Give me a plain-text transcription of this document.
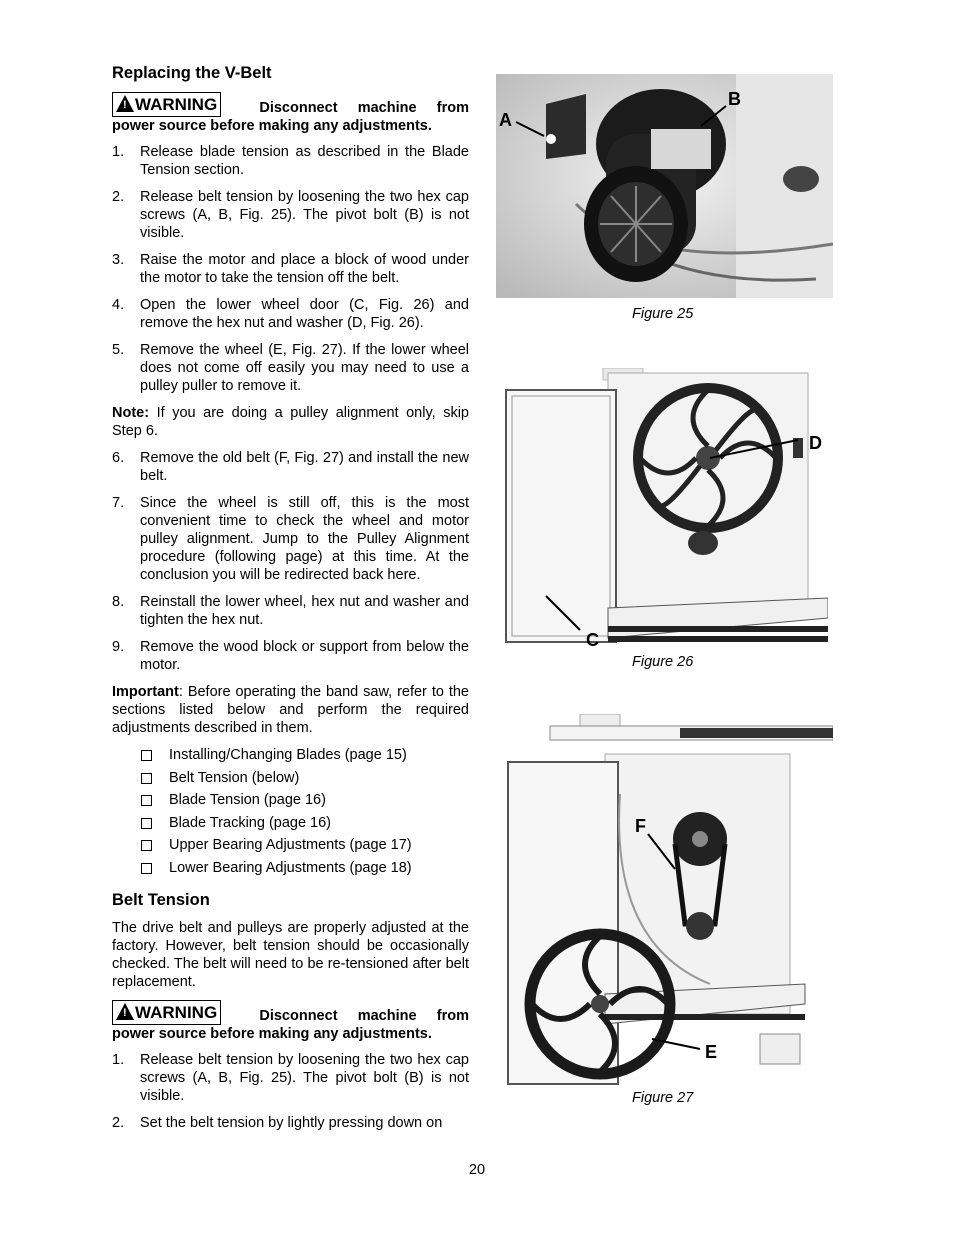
Replacing the V-Belt
! WARNING	Disconnect machine from
power source before making any adjustments.
1.	Release blade tension as described in the Blade Tension section.
2.	Release belt tension by loosening the two hex cap screws (A, B, Fig. 25). The pivot bolt (B) is not visible.
3.	Raise the motor and place a block of wood under the motor to take the tension off the belt.
4.	Open the lower wheel door (C, Fig. 26) and remove the hex nut and washer (D, Fig. 26).
5.	Remove the wheel (E, Fig. 27). If the lower wheel does not come off easily you may need to use a pulley puller to remove it.

Note: If you are doing a pulley alignment only, skip Step 6.

6.	Remove the old belt (F, Fig. 27) and install the new belt.
7.	Since the wheel is still off, this is the most convenient time to check the wheel and motor pulley alignment. Jump to the Pulley Alignment procedure (following page) at this time. At the conclusion you will be redirected back here.
8.	Reinstall the lower wheel, hex nut and washer and tighten the hex nut.
9.	Remove the wood block or support from below the motor.

Important: Before operating the band saw, refer to the sections listed below and perform the required adjustments described in them.

Installing/Changing Blades (page 15)
Belt Tension (below)
Blade Tension (page 16)
Blade Tracking (page 16)
Upper Bearing Adjustments (page 17)
Lower Bearing Adjustments (page 18)
Belt Tension

The drive belt and pulleys are properly adjusted at the factory. However, belt tension should be occasionally checked. The belt will need to be re-tensioned after belt replacement.

! WARNING	Disconnect machine from
power source before making any adjustments.
1.	Release belt tension by loosening the two hex cap screws (A, B, Fig. 25). The pivot bolt (B) is not visible.
2.	Set the belt tension by lightly pressing down on
A
B
Figure 25
C
D
Figure 26
F
E
Figure 27
20
